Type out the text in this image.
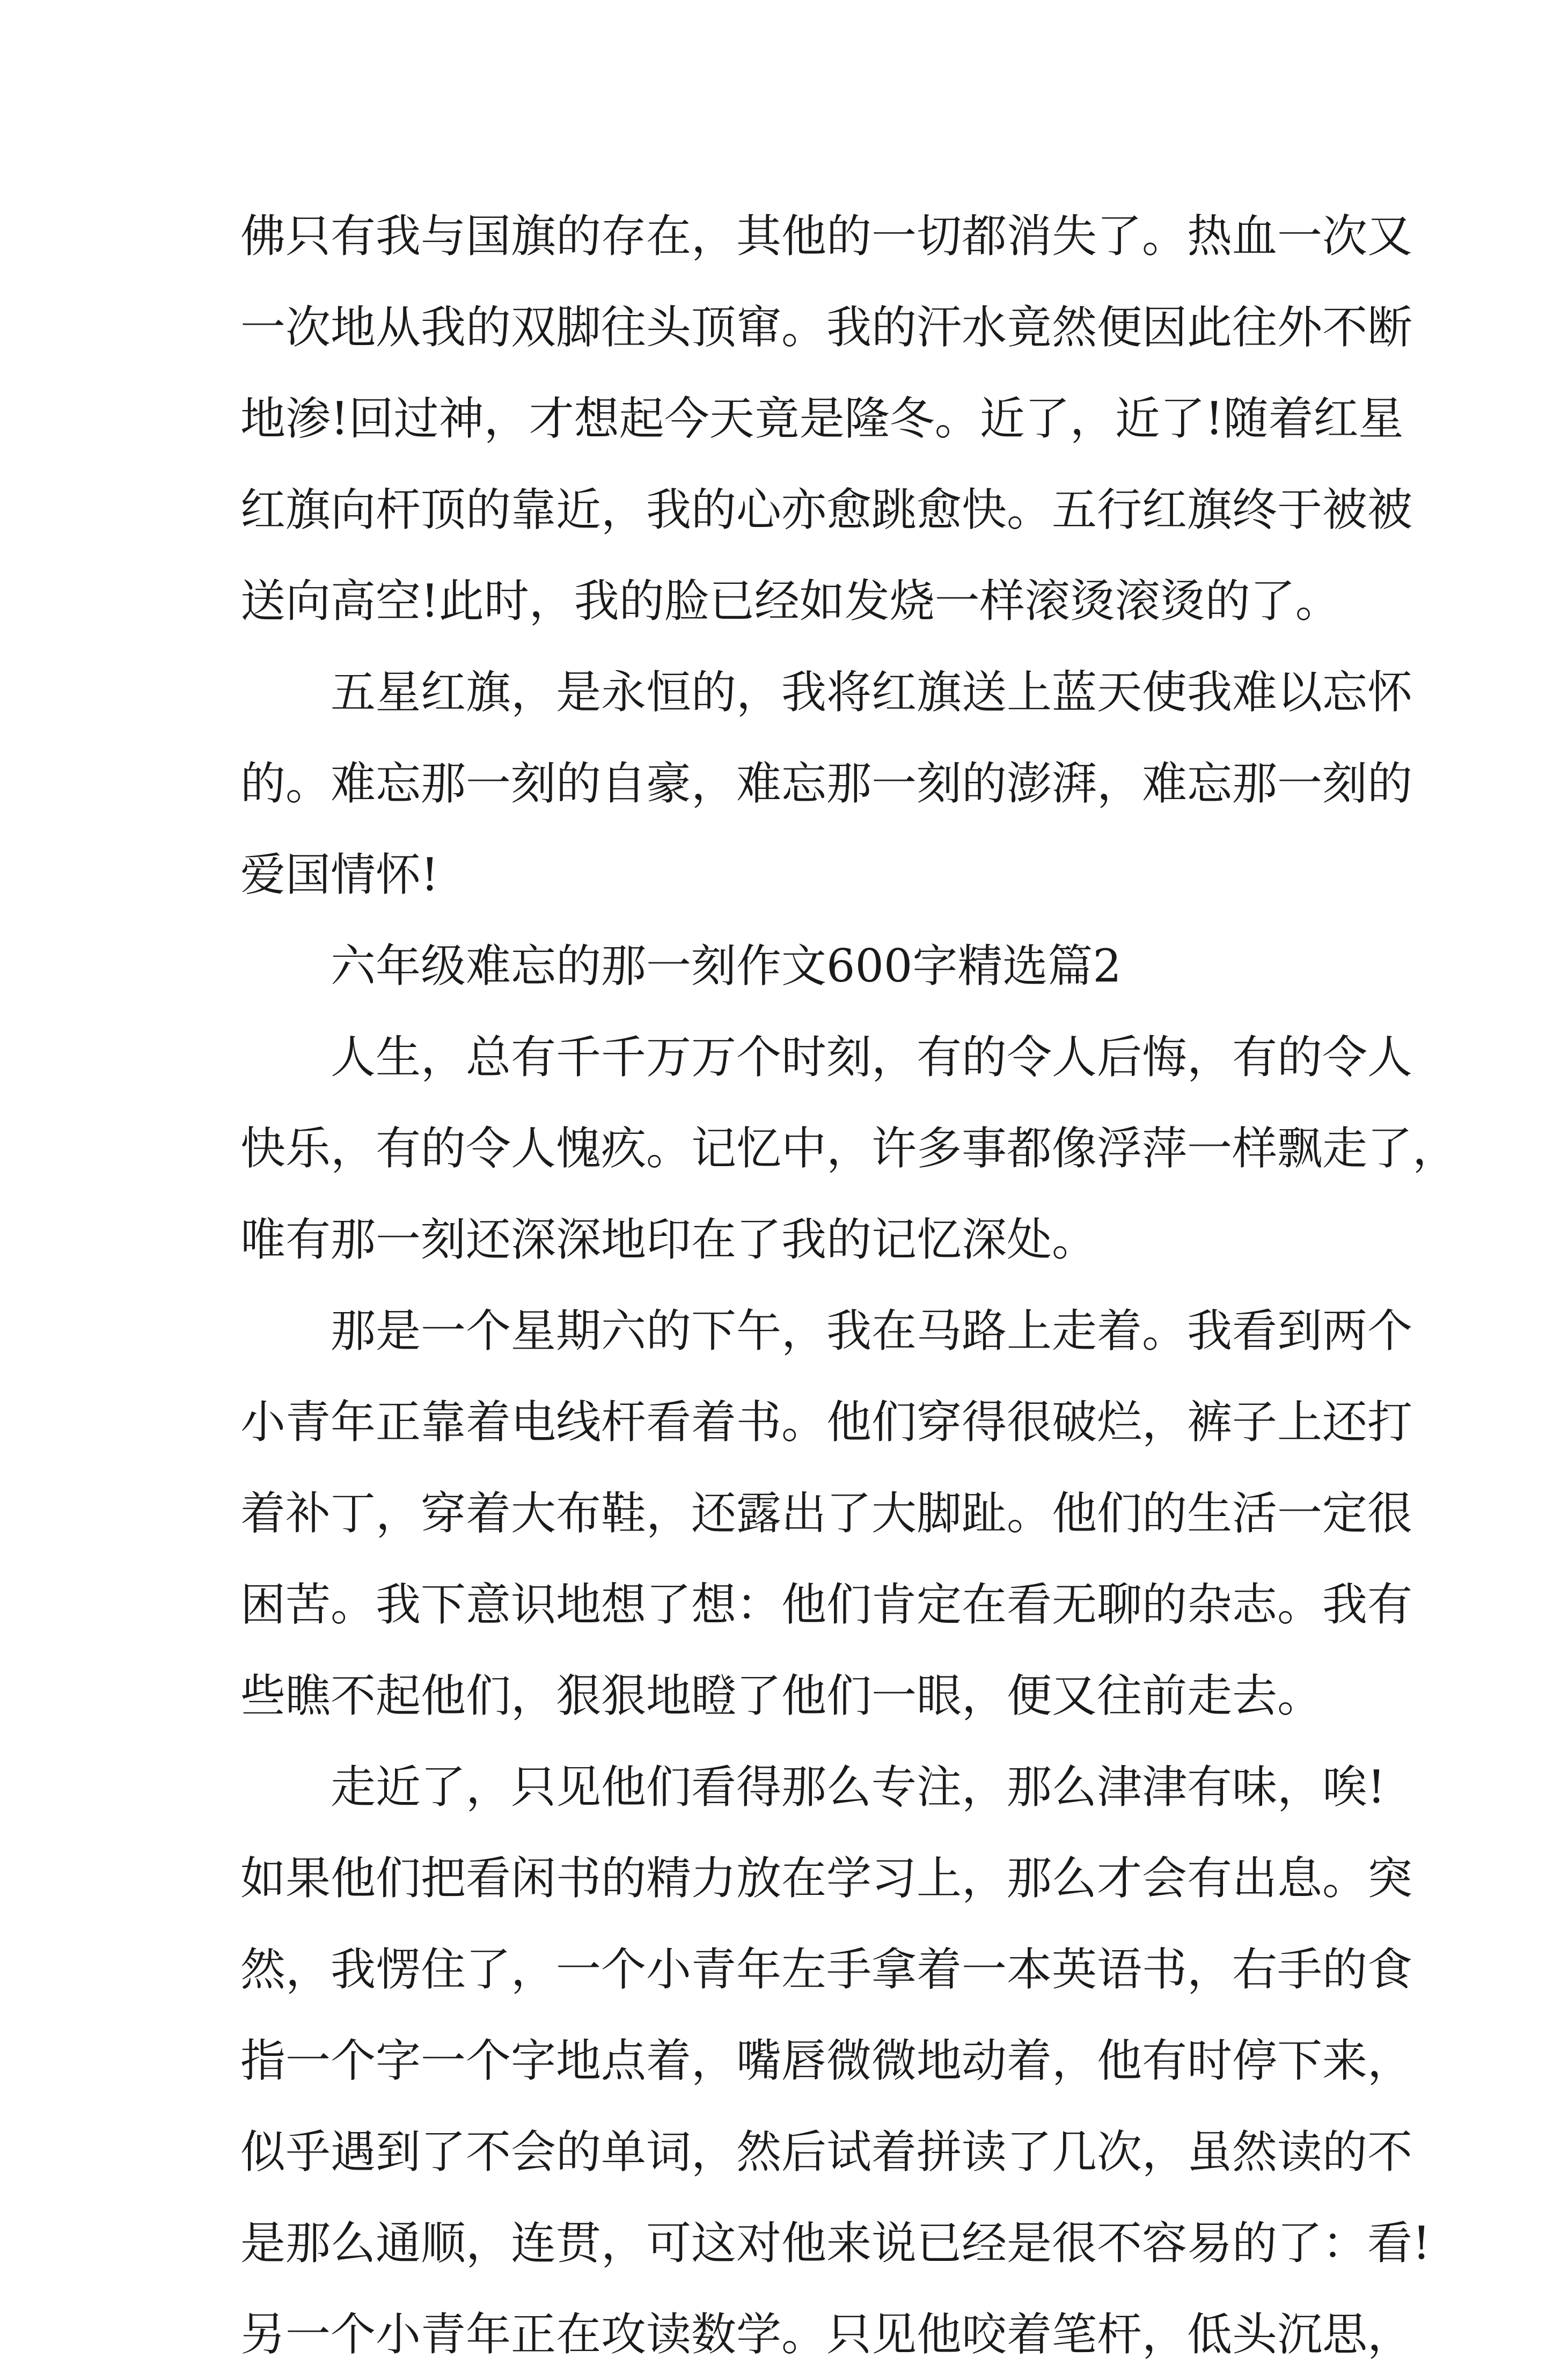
佛只有我与国旗的存在，其他的一切都消失了。热血一次又
一次地从我的双脚往头顶窜。我的汗水竟然便因此往外不断
地渗!回过神，才想起今天竟是隆冬。近了，近了!随着红星
红旗向杆顶的靠近，我的心亦愈跳愈快。五行红旗终于被被
送向高空!此时，我的脸已经如发烧一样滚烫滚烫的了。
五星红旗，是永恒的，我将红旗送上蓝天使我难以忘怀
的。难忘那一刻的自豪，难忘那一刻的澎湃，难忘那一刻的
爱国情怀!
六年级难忘的那一刻作文600字精选篇2
人生，总有千千万万个时刻，有的令人后悔，有的令人
快乐，有的令人愧疚。记忆中，许多事都像浮萍一样飘走了，
唯有那一刻还深深地印在了我的记忆深处。
那是一个星期六的下午，我在马路上走着。我看到两个
小青年正靠着电线杆看着书。他们穿得很破烂，裤子上还打
着补丁，穿着大布鞋，还露出了大脚趾。他们的生活一定很
困苦。我下意识地想了想：他们肯定在看无聊的杂志。我有
些瞧不起他们，狠狠地瞪了他们一眼，便又往前走去。
走近了，只见他们看得那么专注，那么津津有味，唉!
如果他们把看闲书的精力放在学习上，那么才会有出息。突
然，我愣住了，一个小青年左手拿着一本英语书，右手的食
指一个字一个字地点着，嘴唇微微地动着，他有时停下来，
似乎遇到了不会的单词，然后试着拼读了几次，虽然读的不
是那么通顺，连贯，可这对他来说已经是很不容易的了：看!
另一个小青年正在攻读数学。只见他咬着笔杆，低头沉思，
